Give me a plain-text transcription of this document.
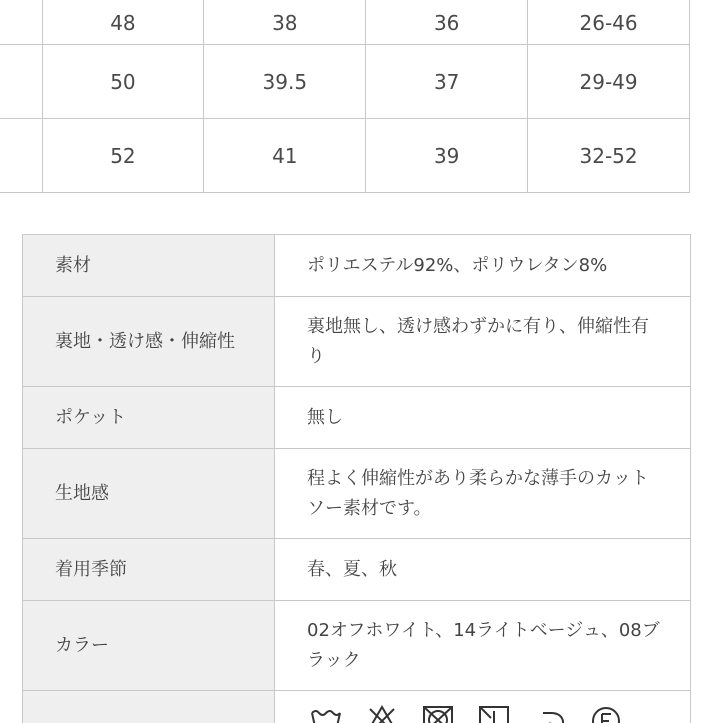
	48	38	36	26-46
	50	39.5	37	29-49
	52	41	39	32-52
素材	ポリエステル92%、ポリウレタン8%
裏地・透け感・伸縮性	裏地無し、透け感わずかに有り、伸縮性有り
ポケット	無し
生地感	程よく伸縮性があり柔らかな薄手のカットソー素材です。
着用季節	春、夏、秋
カラー	02オフホワイト、14ライトベージュ、08ブラック
